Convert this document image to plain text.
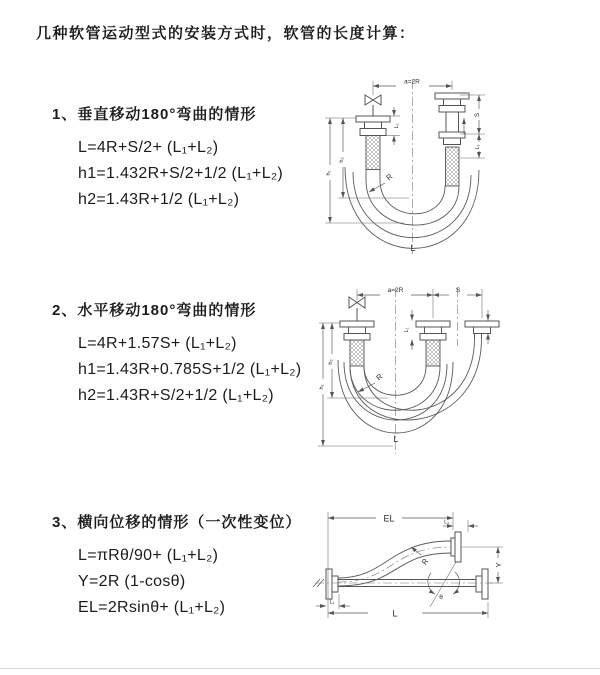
几种软管运动型式的安装方式时，软管的长度计算：
1、垂直移动180°弯曲的情形
L=4R+S/2+ (L₁+L₂)
h1=1.432R+S/2+1/2 (L₁+L₂)
h2=1.43R+1/2 (L₁+L₂)
2、水平移动180°弯曲的情形
L=4R+1.57S+ (L₁+L₂)
h1=1.43R+0.785S+1/2 (L₁+L₂)
h2=1.43R+S/2+1/2 (L₁+L₂)
3、横向位移的情形（一次性变位）
L=πRθ/90+ (L₁+L₂)
Y=2R (1-cosθ)
EL=2Rsinθ+ (L₁+L₂)
a=2R
S
L₁
L₁
h₂
h₁	R
L
a=2R	S
L₁
h₂
h₁
R
L
EL	L₁
θ
R	Y
L
L₁
